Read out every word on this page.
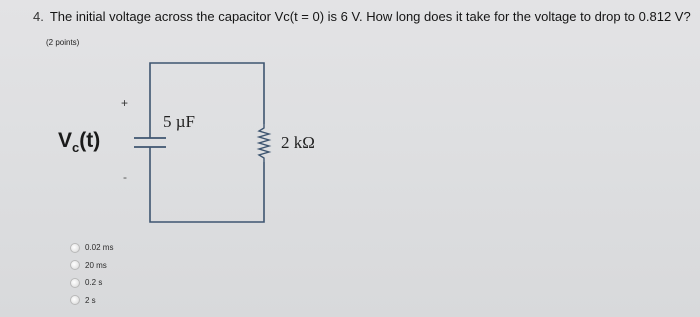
4. The initial voltage across the capacitor Vc(t = 0) is 6 V. How long does it take for the voltage to drop to 0.812 V?
(2 points)
+
-
$V_c(t)$
5 µF
2 kΩ
0.02 ms
20 ms
0.2 s
2 s
